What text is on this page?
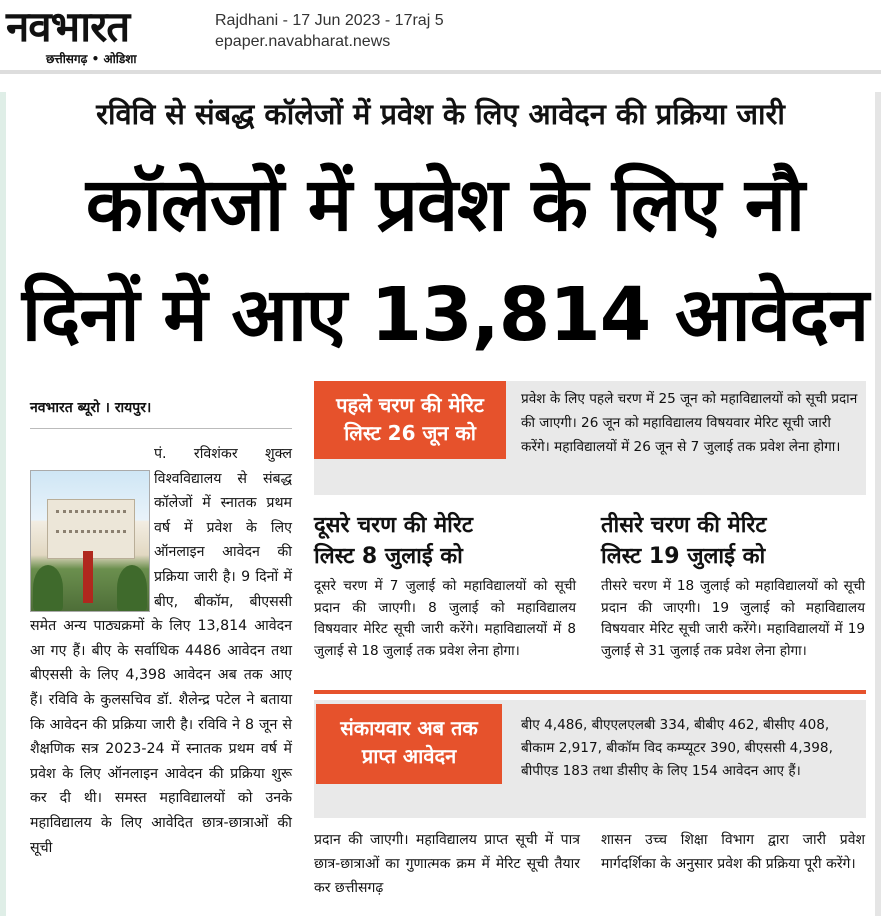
नवभारत
छत्तीसगढ़ • ओडिशा
Rajdhani - 17 Jun 2023 - 17raj 5
epaper.navabharat.news
रविवि से संबद्ध कॉलेजों में प्रवेश के लिए आवेदन की प्रक्रिया जारी
कॉलेजों में प्रवेश के लिए नौ
दिनों में आए 13,814 आवेदन
नवभारत ब्यूरो । रायपुर।
पं. रविशंकर शुक्ल विश्वविद्यालय से संबद्ध कॉलेजों में स्नातक प्रथम वर्ष में प्रवेश के लिए ऑनलाइन आवेदन की प्रक्रिया जारी है। 9 दिनों में बीए, बीकॉम, बीएससी समेत अन्य पाठ्यक्रमों के लिए 13,814 आवेदन आ गए हैं। बीए के सर्वाधिक 4486 आवेदन तथा बीएससी के लिए 4,398 आवेदन अब तक आए हैं। रविवि के कुलसचिव डॉ. शैलेन्द्र पटेल ने बताया कि आवेदन की प्रक्रिया जारी है। रविवि ने 8 जून से शैक्षणिक सत्र 2023-24 में स्नातक प्रथम वर्ष में प्रवेश के लिए ऑनलाइन आवेदन की प्रक्रिया शुरू कर दी थी। समस्त महाविद्यालयों को उनके महाविद्यालय के लिए आवेदित छात्र-छात्राओं की सूची
पहले चरण की मेरिट
लिस्ट 26 जून को
प्रवेश के लिए पहले चरण में 25 जून को महाविद्यालयों को सूची प्रदान की जाएगी। 26 जून को महाविद्यालय विषयवार मेरिट सूची जारी करेंगे। महाविद्यालयों में 26 जून से 7 जुलाई तक प्रवेश लेना होगा।
दूसरे चरण की मेरिट
लिस्ट 8 जुलाई को
दूसरे चरण में 7 जुलाई को महाविद्यालयों को सूची प्रदान की जाएगी। 8 जुलाई को महाविद्यालय विषयवार मेरिट सूची जारी करेंगे। महाविद्यालयों में 8 जुलाई से 18 जुलाई तक प्रवेश लेना होगा।
तीसरे चरण की मेरिट
लिस्ट 19 जुलाई को
तीसरे चरण में 18 जुलाई को महाविद्यालयों को सूची प्रदान की जाएगी। 19 जुलाई को महाविद्यालय विषयवार मेरिट सूची जारी करेंगे। महाविद्यालयों में 19 जुलाई से 31 जुलाई तक प्रवेश लेना होगा।
संकायवार अब तक
प्राप्त आवेदन
बीए 4,486, बीएएलएलबी 334, बीबीए 462, बीसीए 408, बीकाम 2,917, बीकॉम विद कम्प्यूटर 390, बीएससी 4,398, बीपीएड 183 तथा डीसीए के लिए 154 आवेदन आए हैं।
प्रदान की जाएगी। महाविद्यालय प्राप्त सूची में पात्र छात्र-छात्राओं का गुणात्मक क्रम में मेरिट सूची तैयार कर छत्तीसगढ़
शासन उच्च शिक्षा विभाग द्वारा जारी प्रवेश मार्गदर्शिका के अनुसार प्रवेश की प्रक्रिया पूरी करेंगे।
